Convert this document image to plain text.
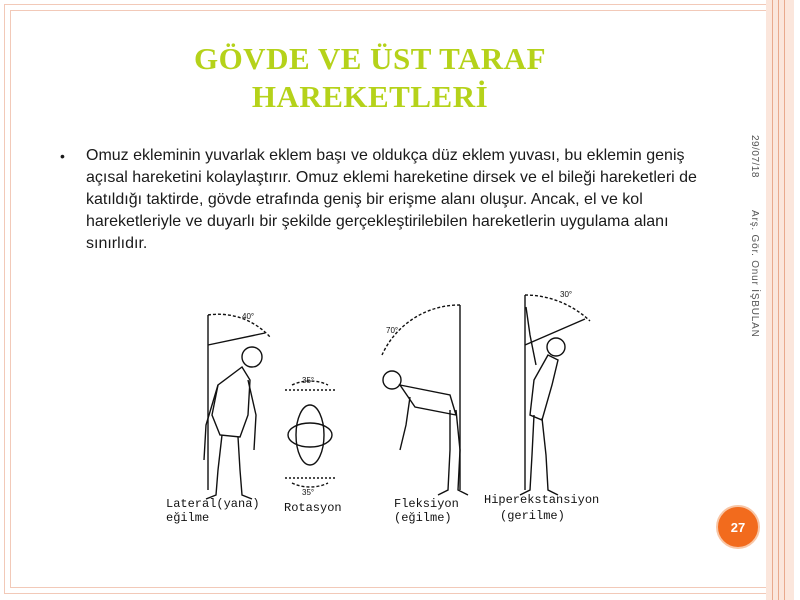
GÖVDE VE ÜST TARAF
HAREKETLERİ
•	Omuz ekleminin yuvarlak eklem başı ve oldukça düz eklem yuvası, bu eklemin geniş açısal hareketini kolaylaştırır. Omuz eklemi hareketine dirsek ve el bileği hareketleri de katıldığı taktirde, gövde etrafında geniş bir erişme alanı oluşur. Ancak, el ve kol hareketleriyle ve duyarlı bir şekilde gerçekleştirilebilen hareketlerin uygulama alanı sınırlıdır.
29/07/18
Arş. Gör. Onur İŞBULAN
40°
35°
35°
70°
30°
Lateral(yana)
eğilme
Rotasyon	Fleksiyon
(eğilme)
Hiperekstansiyon
(gerilme)
27
